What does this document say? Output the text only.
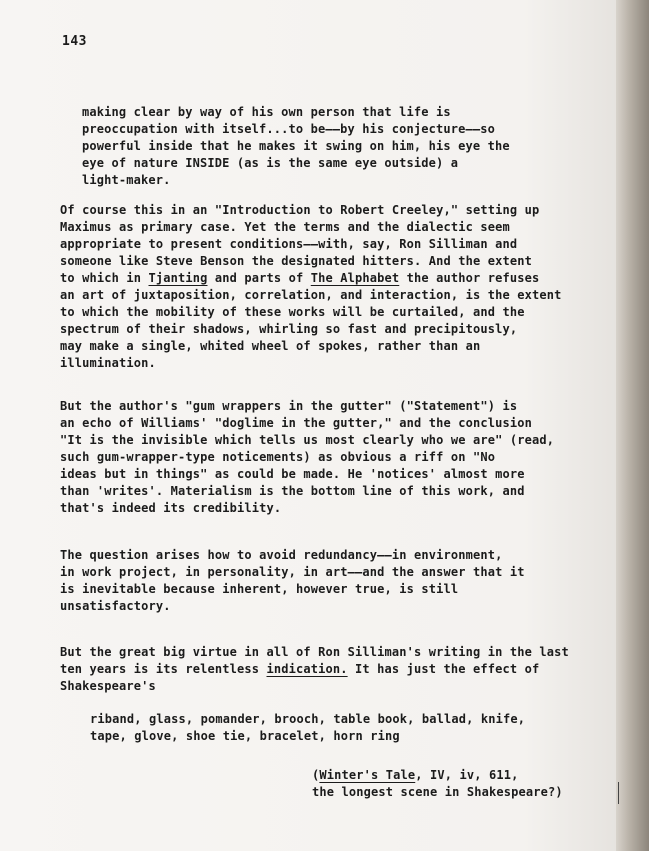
143

making clear by way of his own person that life is
preoccupation with itself...to be——by his conjecture——so
powerful inside that he makes it swing on him, his eye the
eye of nature INSIDE (as is the same eye outside) a
light-maker.

Of course this in an "Introduction to Robert Creeley," setting up
Maximus as primary case. Yet the terms and the dialectic seem
appropriate to present conditions——with, say, Ron Silliman and
someone like Steve Benson the designated hitters. And the extent
to which in Tjanting and parts of The Alphabet the author refuses
an art of juxtaposition, correlation, and interaction, is the extent
to which the mobility of these works will be curtailed, and the
spectrum of their shadows, whirling so fast and precipitously,
may make a single, whited wheel of spokes, rather than an
illumination.

But the author's "gum wrappers in the gutter" ("Statement") is
an echo of Williams' "doglime in the gutter," and the conclusion
"It is the invisible which tells us most clearly who we are" (read,
such gum-wrapper-type noticements) as obvious a riff on "No
ideas but in things" as could be made. He 'notices' almost more
than 'writes'. Materialism is the bottom line of this work, and
that's indeed its credibility.

The question arises how to avoid redundancy——in environment,
in work project, in personality, in art——and the answer that it
is inevitable because inherent, however true, is still
unsatisfactory.

But the great big virtue in all of Ron Silliman's writing in the last
ten years is its relentless indication. It has just the effect of
Shakespeare's

riband, glass, pomander, brooch, table book, ballad, knife,
tape, glove, shoe tie, bracelet, horn ring

(Winter's Tale, IV, iv, 611,
the longest scene in Shakespeare?)
